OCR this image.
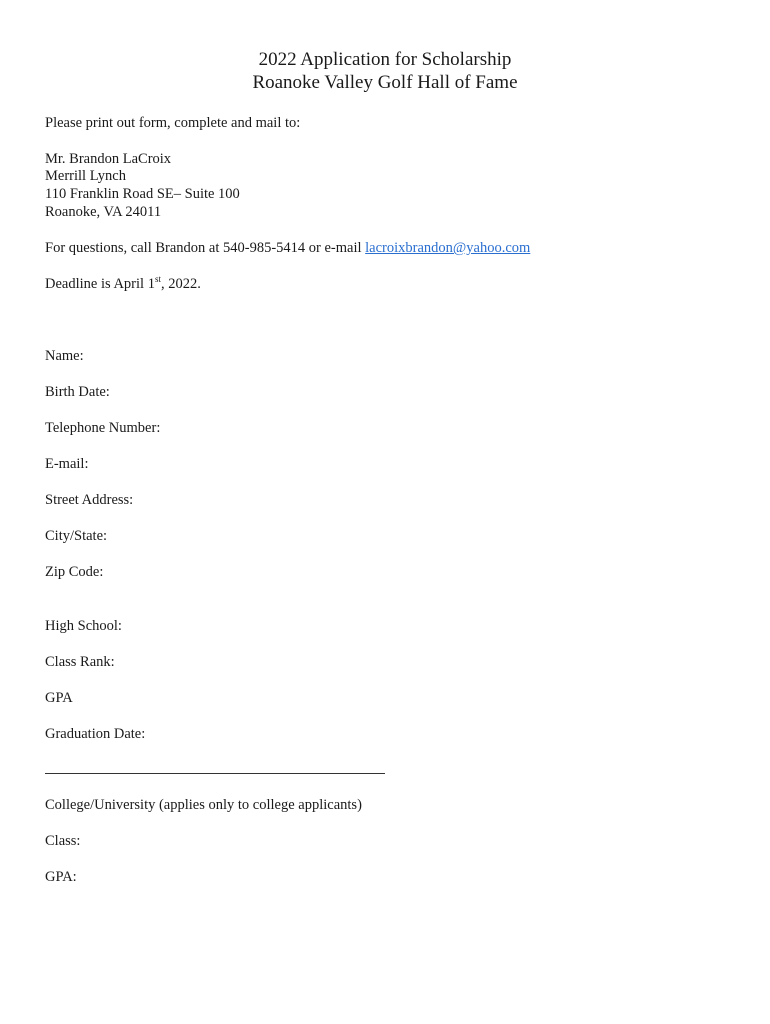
2022 Application for Scholarship
Roanoke Valley Golf Hall of Fame
Please print out form, complete and mail to:
Mr. Brandon LaCroix
Merrill Lynch
110 Franklin Road SE– Suite 100
Roanoke, VA 24011
For questions, call Brandon at 540-985-5414 or e-mail lacroixbrandon@yahoo.com
Deadline is April 1st, 2022.
Name:
Birth Date:
Telephone Number:
E-mail:
Street Address:
City/State:
Zip Code:
High School:
Class Rank:
GPA
Graduation Date:
College/University (applies only to college applicants)
Class:
GPA:
